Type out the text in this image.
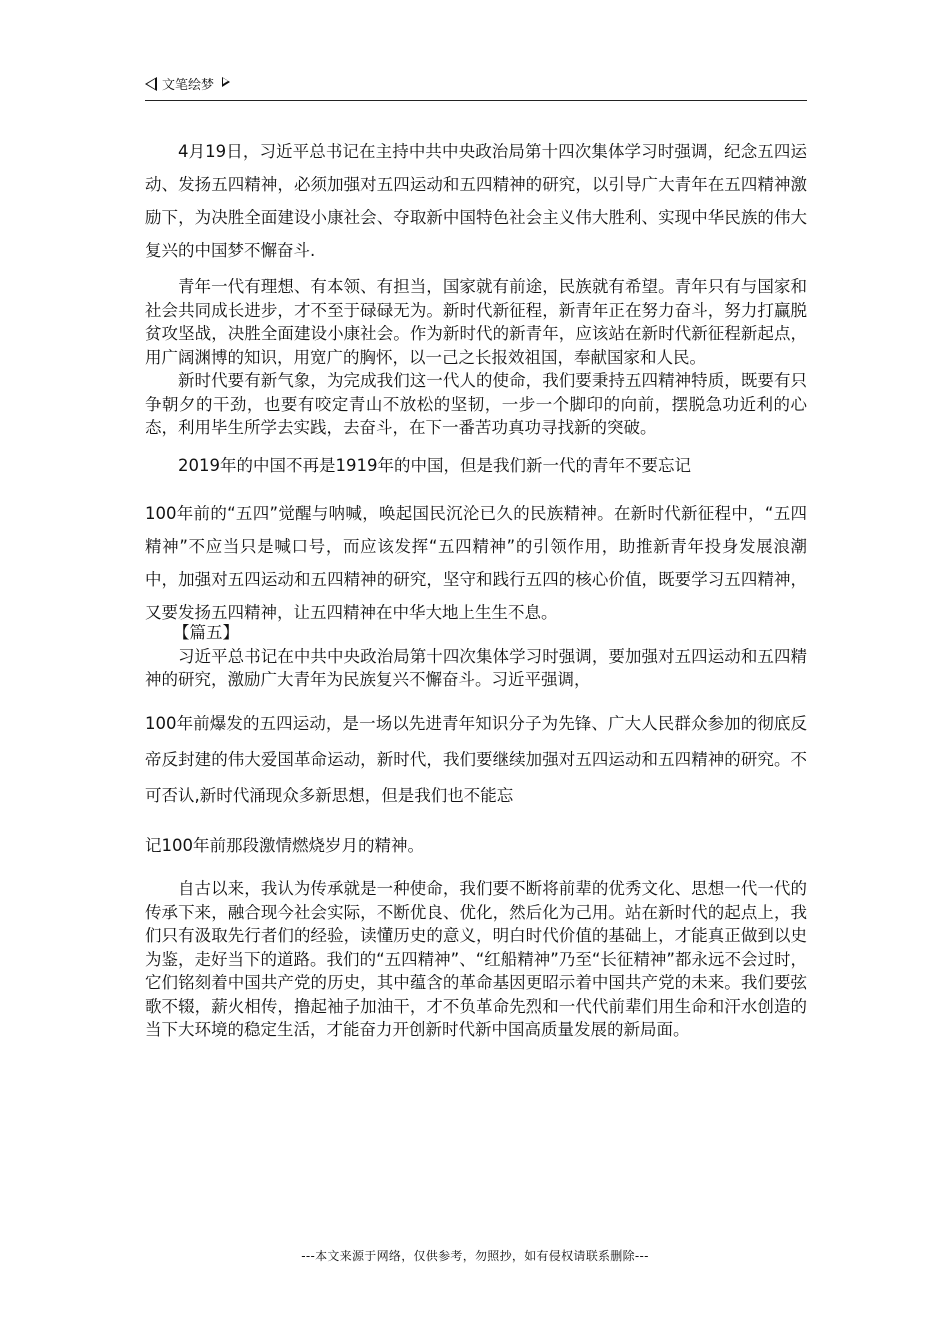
文笔绘梦

4月19日，习近平总书记在主持中共中央政治局第十四次集体学习时强调，纪念五四运动、发扬五四精神，必须加强对五四运动和五四精神的研究，以引导广大青年在五四精神激励下，为决胜全面建设小康社会、夺取新中国特色社会主义伟大胜利、实现中华民族的伟大复兴的中国梦不懈奋斗.

青年一代有理想、有本领、有担当，国家就有前途，民族就有希望。青年只有与国家和社会共同成长进步，才不至于碌碌无为。新时代新征程，新青年正在努力奋斗，努力打赢脱贫攻坚战，决胜全面建设小康社会。作为新时代的新青年，应该站在新时代新征程新起点，用广阔渊博的知识，用宽广的胸怀，以一己之长报效祖国，奉献国家和人民。

新时代要有新气象，为完成我们这一代人的使命，我们要秉持五四精神特质，既要有只争朝夕的干劲，也要有咬定青山不放松的坚韧，一步一个脚印的向前，摆脱急功近利的心态，利用毕生所学去实践，去奋斗，在下一番苦功真功寻找新的突破。

2019年的中国不再是1919年的中国，但是我们新一代的青年不要忘记

100年前的“五四”觉醒与呐喊，唤起国民沉沦已久的民族精神。在新时代新征程中，“五四精神”不应当只是喊口号，而应该发挥“五四精神”的引领作用，助推新青年投身发展浪潮中，加强对五四运动和五四精神的研究，坚守和践行五四的核心价值，既要学习五四精神，又要发扬五四精神，让五四精神在中华大地上生生不息。

【篇五】

习近平总书记在中共中央政治局第十四次集体学习时强调，要加强对五四运动和五四精神的研究，激励广大青年为民族复兴不懈奋斗。习近平强调，

100年前爆发的五四运动，是一场以先进青年知识分子为先锋、广大人民群众参加的彻底反帝反封建的伟大爱国革命运动，新时代，我们要继续加强对五四运动和五四精神的研究。不可否认,新时代涌现众多新思想，但是我们也不能忘

记100年前那段激情燃烧岁月的精神。

自古以来，我认为传承就是一种使命，我们要不断将前辈的优秀文化、思想一代一代的传承下来，融合现今社会实际，不断优良、优化，然后化为己用。站在新时代的起点上，我们只有汲取先行者们的经验，读懂历史的意义，明白时代价值的基础上，才能真正做到以史为鉴，走好当下的道路。我们的“五四精神”、“红船精神”乃至“长征精神”都永远不会过时，它们铭刻着中国共产党的历史，其中蕴含的革命基因更昭示着中国共产党的未来。我们要弦歌不辍，薪火相传，撸起袖子加油干，才不负革命先烈和一代代前辈们用生命和汗水创造的当下大环境的稳定生活，才能奋力开创新时代新中国高质量发展的新局面。

---本文来源于网络，仅供参考，勿照抄，如有侵权请联系删除---
